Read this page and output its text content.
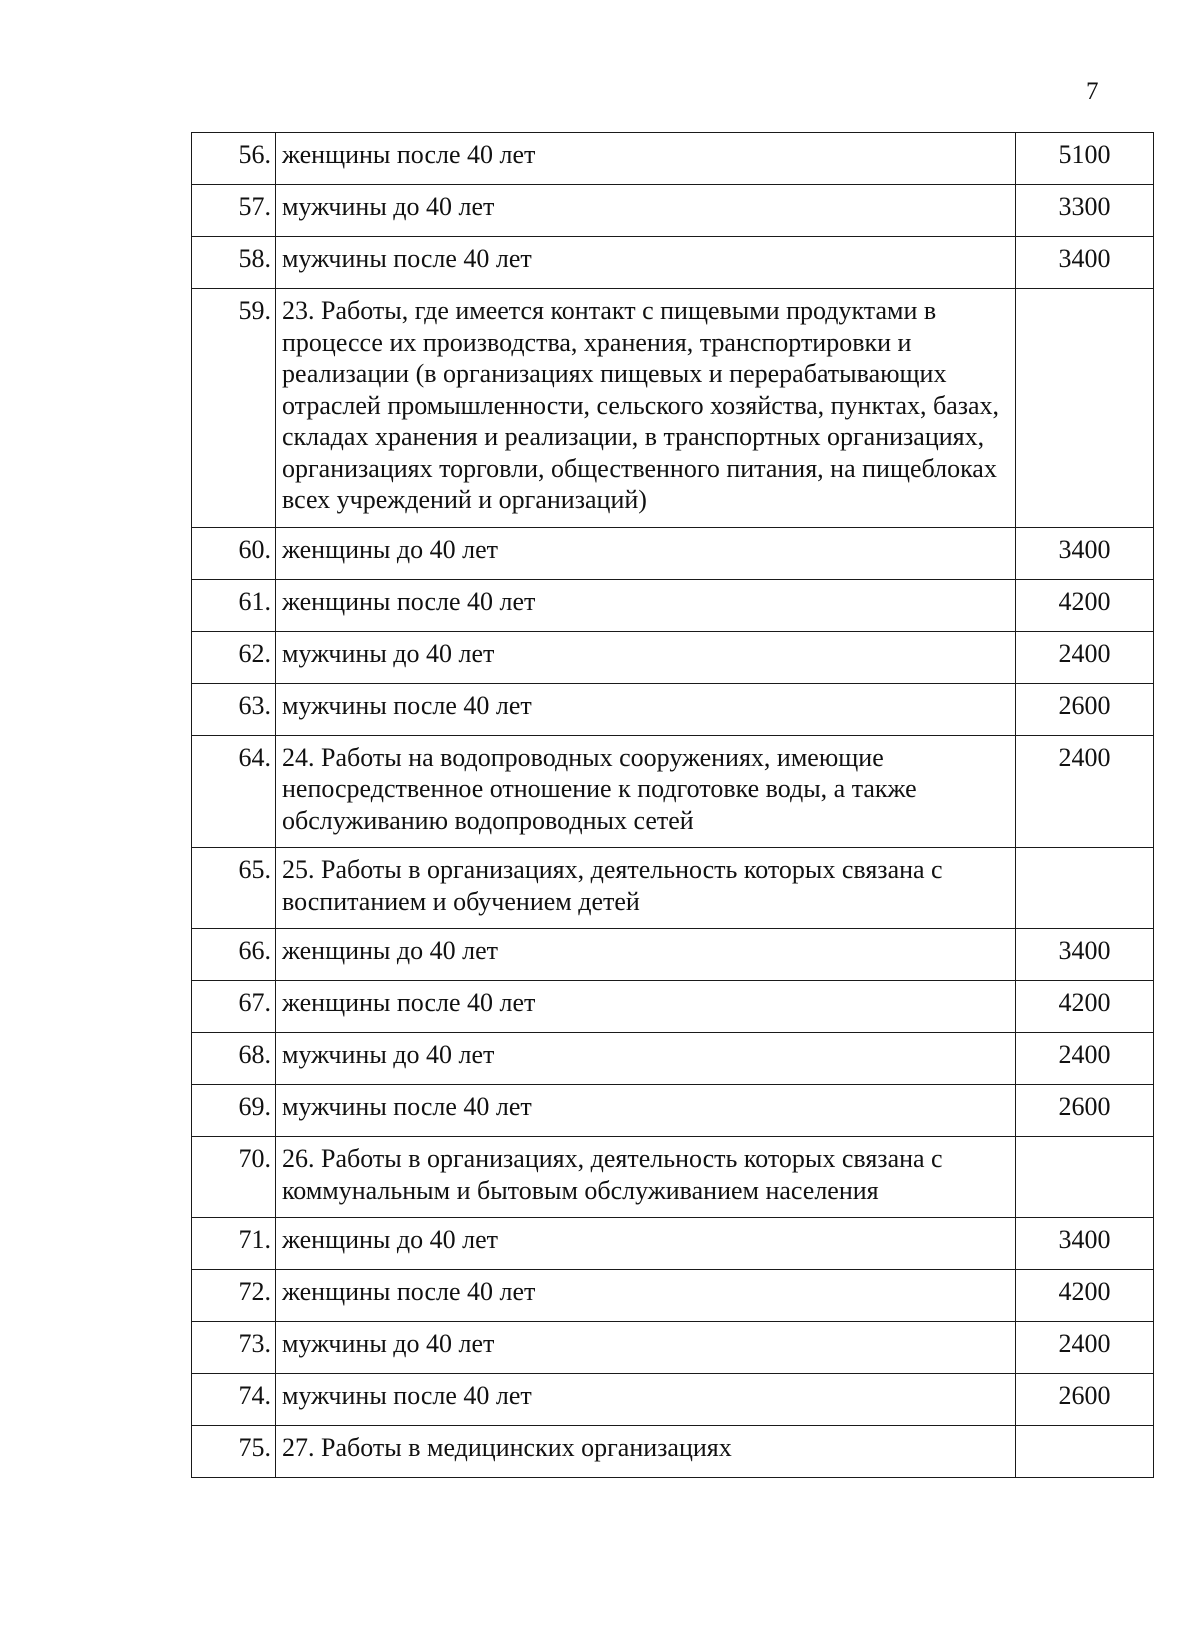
7
56.	женщины после 40 лет	5100
57.	мужчины до 40 лет	3300
58.	мужчины после 40 лет	3400
59.	23. Работы, где имеется контакт с пищевыми продуктами в процессе их производства, хранения, транспортировки и реализации (в организациях пищевых и перерабатывающих отраслей промышленности, сельского хозяйства, пунктах, базах, складах хранения и реализации, в транспортных организациях, организациях торговли, общественного питания, на пищеблоках всех учреждений и организаций)	
60.	женщины до 40 лет	3400
61.	женщины после 40 лет	4200
62.	мужчины до 40 лет	2400
63.	мужчины после 40 лет	2600
64.	24. Работы на водопроводных сооружениях, имеющие непосредственное отношение к подготовке воды, а также обслуживанию водопроводных сетей	2400
65.	25. Работы в организациях, деятельность которых связана с воспитанием и обучением детей	
66.	женщины до 40 лет	3400
67.	женщины после 40 лет	4200
68.	мужчины до 40 лет	2400
69.	мужчины после 40 лет	2600
70.	26. Работы в организациях, деятельность которых связана с коммунальным и бытовым обслуживанием населения	
71.	женщины до 40 лет	3400
72.	женщины после 40 лет	4200
73.	мужчины до 40 лет	2400
74.	мужчины после 40 лет	2600
75.	27. Работы в медицинских организациях	
